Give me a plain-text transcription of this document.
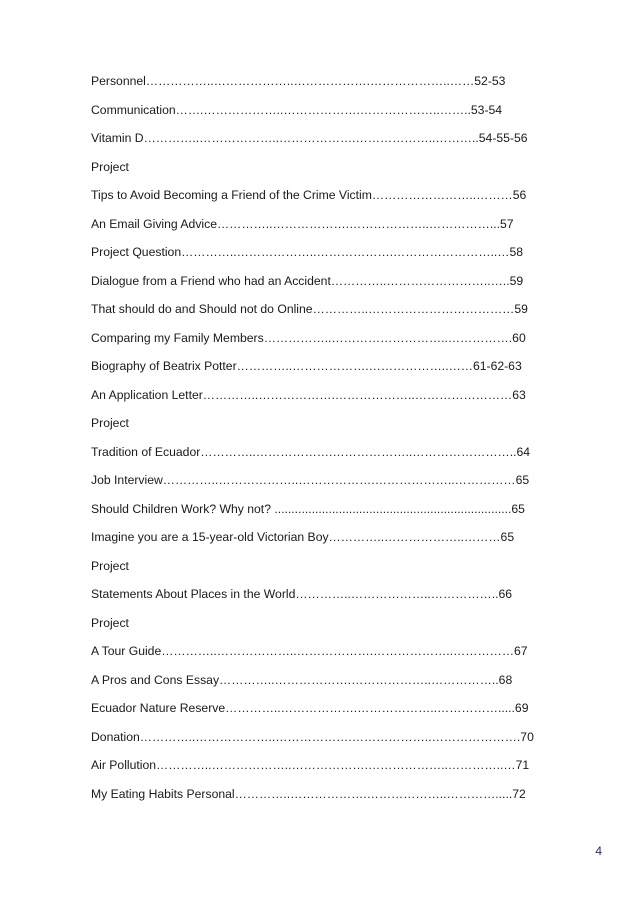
Personnel……………..………………..……………….………………..……52-53

Communication…….………………..……………….………………..……..53-54

Vitamin D…………..………………..……………….………………..………..54-55-56

Project

Tips to Avoid Becoming a Friend of the Crime Victim……………………..………56

An Email Giving Advice…………..……………….………………..……………...57

Project Question…………..………………..……………….……………………..…58

Dialogue from a Friend who had an Accident…………..……………………..…..59

That should do and Should not do Online…………..………………………………59

Comparing my Family Members……………..………………………..…………….60

Biography of Beatrix Potter…………..……………….………………..……61-62-63

An Application Letter…………..……………….………………..……………………63

Project

Tradition of Ecuador…………..……………….………………..……………………..64

Job Interview…………..………………..……………….………………..……………65

Should Children Work? Why not? ......................................................................65

Imagine you are a 15-year-old Victorian Boy…………..………………..………65

Project

Statements About Places in the World…………..………………..……………..66

Project

A Tour Guide…………..………………..……………….………………..……………67

A Pros and Cons Essay…………..……………….………………..……………..68

Ecuador Nature Reserve…………..……………….………………..…………….....69

Donation…………..………………..……………….………………..………………….70

Air Pollution…………..………………..……………….………………..…………..…71

My Eating Habits Personal…………..……………….………………..………….....72

4
